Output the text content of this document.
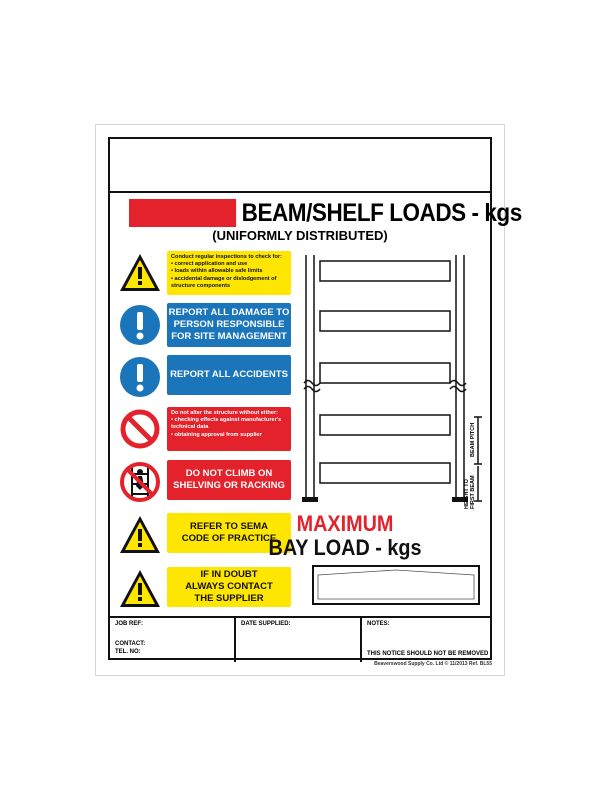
MAXIMUM BEAM/SHELF LOADS - kgs
(UNIFORMLY DISTRIBUTED)
Conduct regular inspections to check for:
• correct application and use
• loads within allowable safe limits
• accidental damage or dislodgement of
structure components
REPORT ALL DAMAGE TO
PERSON RESPONSIBLE
FOR SITE MANAGEMENT
REPORT ALL ACCIDENTS
Do not alter the structure without either:
• checking effects against manufacturer's
technical data
• obtaining approval from supplier
DO NOT CLIMB ON
SHELVING OR RACKING
REFER TO SEMA
CODE OF PRACTICE
IF IN DOUBT
ALWAYS CONTACT
THE SUPPLIER
BEAM PITCH
HEIGHT TO FIRST BEAM
MAXIMUM
BAY LOAD - kgs
JOB REF:
CONTACT:
TEL. NO:
DATE SUPPLIED:	NOTES:
THIS NOTICE SHOULD NOT BE REMOVED
Beaverswood Supply Co. Ltd © 11/2013 Ref. BL55
